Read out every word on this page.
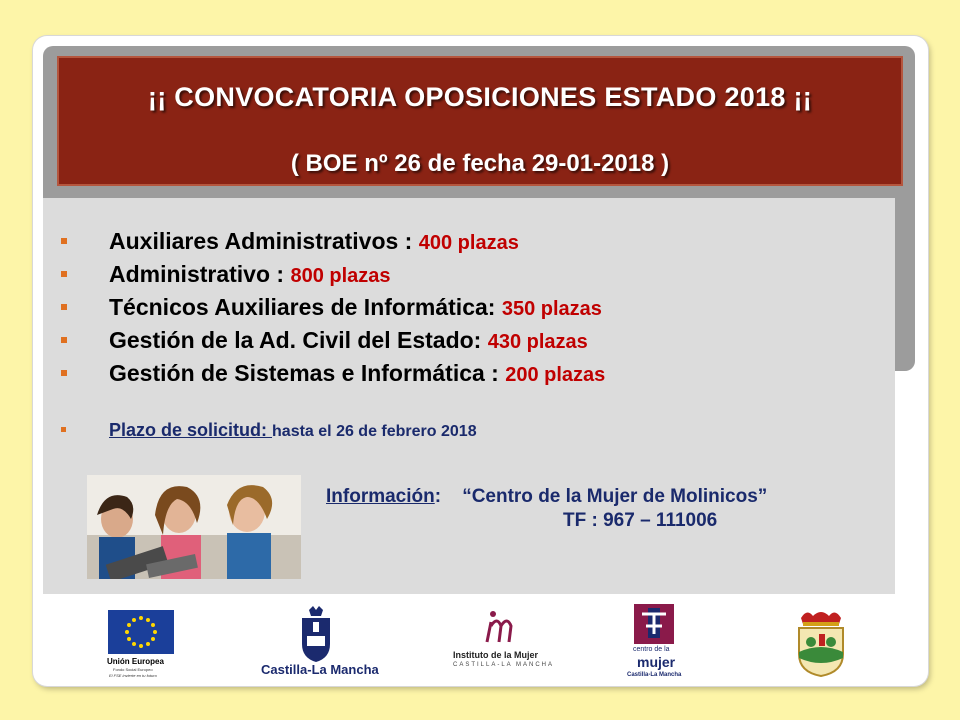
¡¡ CONVOCATORIA OPOSICIONES ESTADO 2018 ¡¡
( BOE nº 26 de fecha 29-01-2018 )
Auxiliares Administrativos : 400 plazas
Administrativo : 800 plazas
Técnicos Auxiliares de Informática: 350 plazas
Gestión de la Ad. Civil del Estado: 430 plazas
Gestión de Sistemas e Informática : 200 plazas
Plazo de solicitud: hasta el 26 de febrero 2018
Información: “Centro de la Mujer de Molinicos”
TF : 967 – 111006
Unión Europea
Fondo Social Europeo
El FSE invierte en tu futuro	Castilla-La Mancha
Instituto de la Mujer
CASTILLA-LA MANCHA
centro de la
mujer
Castilla-La Mancha
